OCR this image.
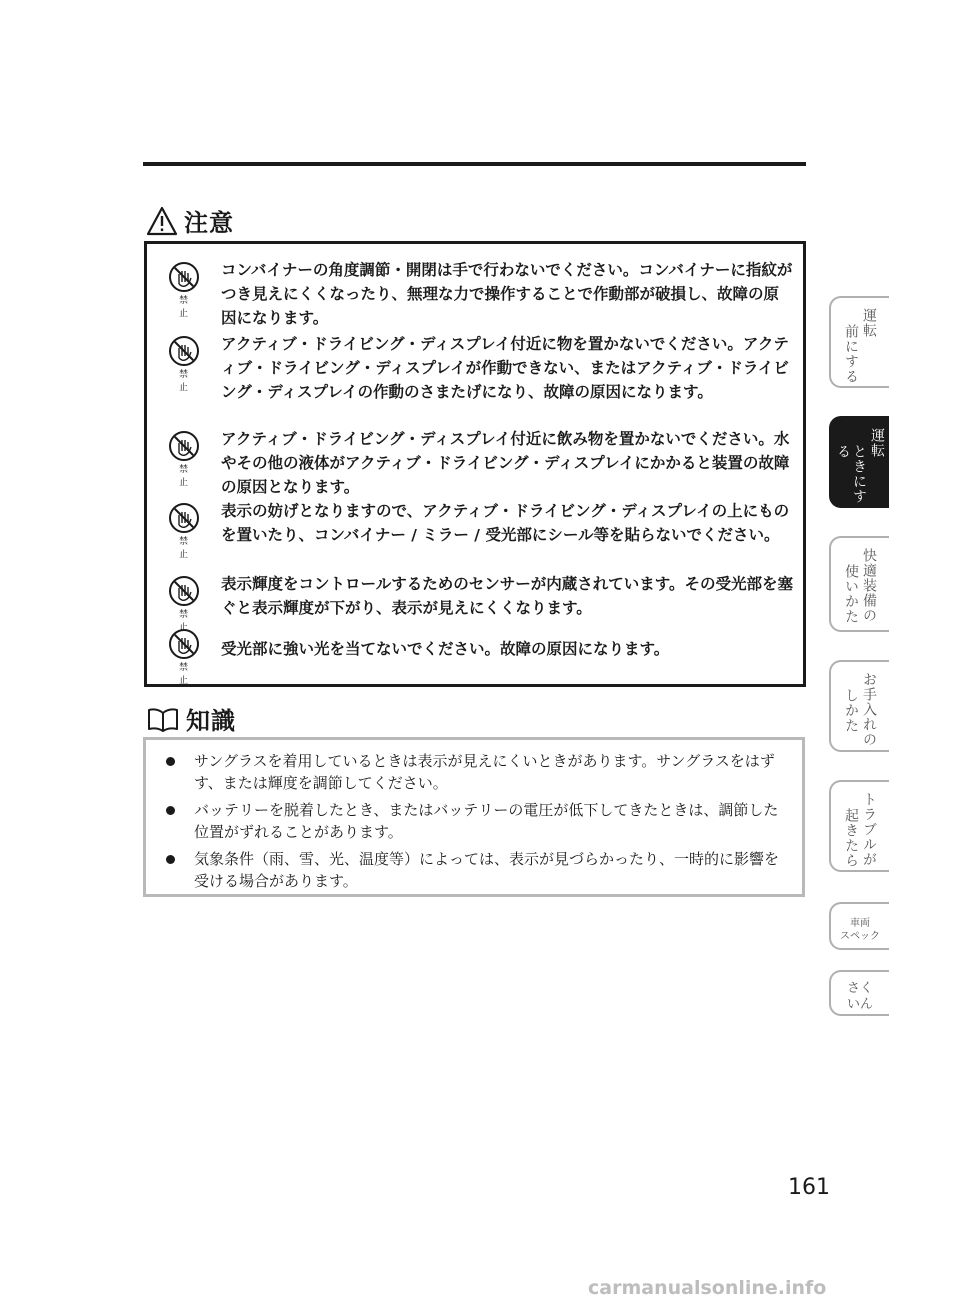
注意
禁止
コンバイナーの角度調節・開閉は手で行わないでください。コンバイナーに指紋がつき見えにくくなったり、無理な力で操作することで作動部が破損し、故障の原因になります。
禁止
アクティブ・ドライビング・ディスプレイ付近に物を置かないでください。アクティブ・ドライビング・ディスプレイが作動できない、またはアクティブ・ドライビング・ディスプレイの作動のさまたげになり、故障の原因になります。
禁止
アクティブ・ドライビング・ディスプレイ付近に飲み物を置かないでください。水やその他の液体がアクティブ・ドライビング・ディスプレイにかかると装置の故障の原因となります。
禁止
表示の妨げとなりますので、アクティブ・ドライビング・ディスプレイの上にものを置いたり、コンバイナー / ミラー / 受光部にシール等を貼らないでください。
禁止
表示輝度をコントロールするためのセンサーが内蔵されています。その受光部を塞ぐと表示輝度が下がり、表示が見えにくくなります。
禁止
受光部に強い光を当てないでください。故障の原因になります。
知識
サングラスを着用しているときは表示が見えにくいときがあります。サングラスをはずす、または輝度を調節してください。
バッテリーを脱着したとき、またはバッテリーの電圧が低下してきたときは、調節した位置がずれることがあります。
気象条件（雨、雪、光、温度等）によっては、表示が見づらかったり、一時的に影響を受ける場合があります。
運転
前にする
運転
ときにする
快適装備の
使いかた
お手入れの
しかた
トラブルが
起きたら
車両
スペック
さく
いん
161
carmanualsonline.info
